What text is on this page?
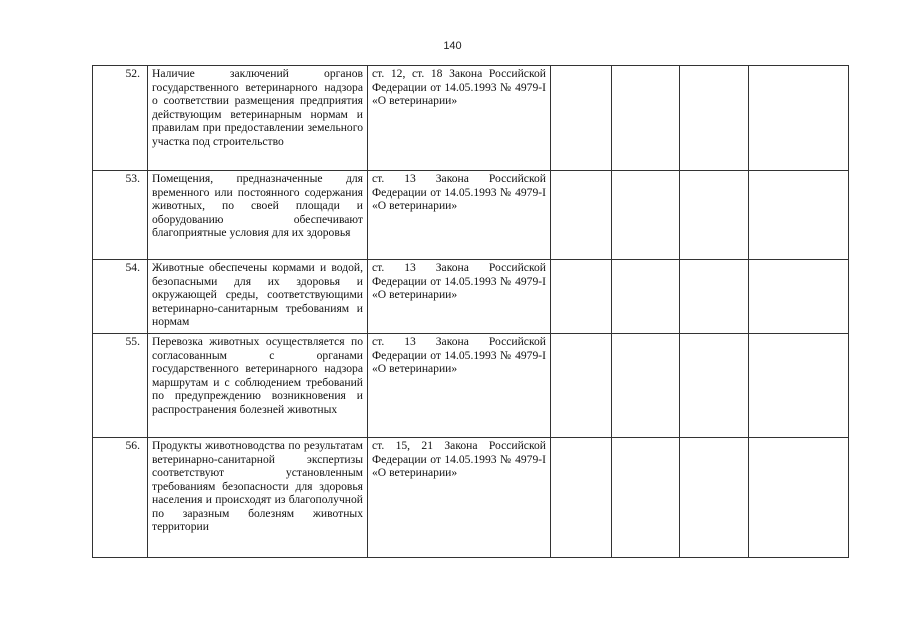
140
52.	Наличие заключений органов государственного ветеринарного надзора о соответствии размещения предприятия действующим ветеринарным нормам и правилам при предоставлении земельного участка под строительство	ст. 12, ст. 18 Закона Российской Федерации от 14.05.1993 № 4979-I «О ветеринарии»				
53.	Помещения, предназначенные для временного или постоянного содержания животных, по своей площади и оборудованию обеспечивают благоприятные условия для их здоровья	ст. 13 Закона Российской Федерации от 14.05.1993 № 4979-I «О ветеринарии»				
54.	Животные обеспечены кормами и водой, безопасными для их здоровья и окружающей среды, соответствующими ветеринарно-санитарным требованиям и нормам	ст. 13 Закона Российской Федерации от 14.05.1993 № 4979-I «О ветеринарии»				
55.	Перевозка животных осуществляется по согласованным с органами государственного ветеринарного надзора маршрутам и с соблюдением требований по предупреждению возникновения и распространения болезней животных	ст. 13 Закона Российской Федерации от 14.05.1993 № 4979-I «О ветеринарии»				
56.	Продукты животноводства по результатам ветеринарно-санитарной экспертизы соответствуют установленным требованиям безопасности для здоровья населения и происходят из благополучной по заразным болезням животных территории	ст. 15, 21 Закона Российской Федерации от 14.05.1993 № 4979-I «О ветеринарии»				
